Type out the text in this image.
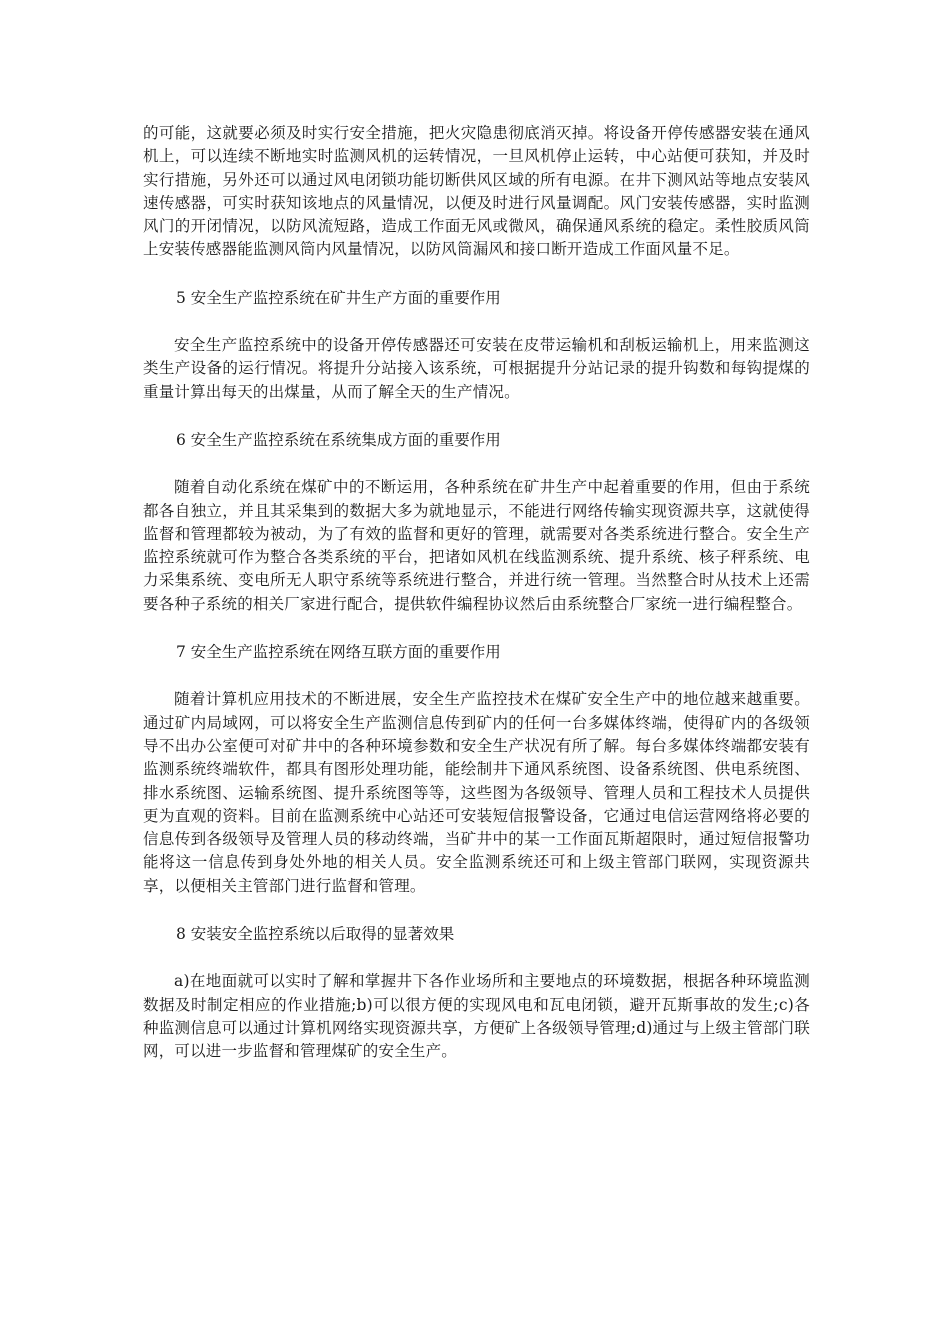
的可能，这就要必须及时实行安全措施，把火灾隐患彻底消灭掉。将设备开停传感器安装在通风机上，可以连续不断地实时监测风机的运转情况，一旦风机停止运转，中心站便可获知，并及时实行措施，另外还可以通过风电闭锁功能切断供风区域的所有电源。在井下测风站等地点安装风速传感器，可实时获知该地点的风量情况，以便及时进行风量调配。风门安装传感器，实时监测风门的开闭情况，以防风流短路，造成工作面无风或微风，确保通风系统的稳定。柔性胶质风筒上安装传感器能监测风筒内风量情况，以防风筒漏风和接口断开造成工作面风量不足。

5 安全生产监控系统在矿井生产方面的重要作用

安全生产监控系统中的设备开停传感器还可安装在皮带运输机和刮板运输机上，用来监测这类生产设备的运行情况。将提升分站接入该系统，可根据提升分站记录的提升钩数和每钩提煤的重量计算出每天的出煤量，从而了解全天的生产情况。

6 安全生产监控系统在系统集成方面的重要作用

随着自动化系统在煤矿中的不断运用，各种系统在矿井生产中起着重要的作用，但由于系统都各自独立，并且其采集到的数据大多为就地显示，不能进行网络传输实现资源共享，这就使得监督和管理都较为被动，为了有效的监督和更好的管理，就需要对各类系统进行整合。安全生产监控系统就可作为整合各类系统的平台，把诸如风机在线监测系统、提升系统、核子秤系统、电力采集系统、变电所无人职守系统等系统进行整合，并进行统一管理。当然整合时从技术上还需要各种子系统的相关厂家进行配合，提供软件编程协议然后由系统整合厂家统一进行编程整合。

7 安全生产监控系统在网络互联方面的重要作用

随着计算机应用技术的不断进展，安全生产监控技术在煤矿安全生产中的地位越来越重要。通过矿内局域网，可以将安全生产监测信息传到矿内的任何一台多媒体终端，使得矿内的各级领导不出办公室便可对矿井中的各种环境参数和安全生产状况有所了解。每台多媒体终端都安装有监测系统终端软件，都具有图形处理功能，能绘制井下通风系统图、设备系统图、供电系统图、排水系统图、运输系统图、提升系统图等等，这些图为各级领导、管理人员和工程技术人员提供更为直观的资料。目前在监测系统中心站还可安装短信报警设备，它通过电信运营网络将必要的信息传到各级领导及管理人员的移动终端，当矿井中的某一工作面瓦斯超限时，通过短信报警功能将这一信息传到身处外地的相关人员。安全监测系统还可和上级主管部门联网，实现资源共享，以便相关主管部门进行监督和管理。

8 安装安全监控系统以后取得的显著效果

a)在地面就可以实时了解和掌握井下各作业场所和主要地点的环境数据，根据各种环境监测数据及时制定相应的作业措施;b)可以很方便的实现风电和瓦电闭锁，避开瓦斯事故的发生;c)各种监测信息可以通过计算机网络实现资源共享，方便矿上各级领导管理;d)通过与上级主管部门联网，可以进一步监督和管理煤矿的安全生产。
